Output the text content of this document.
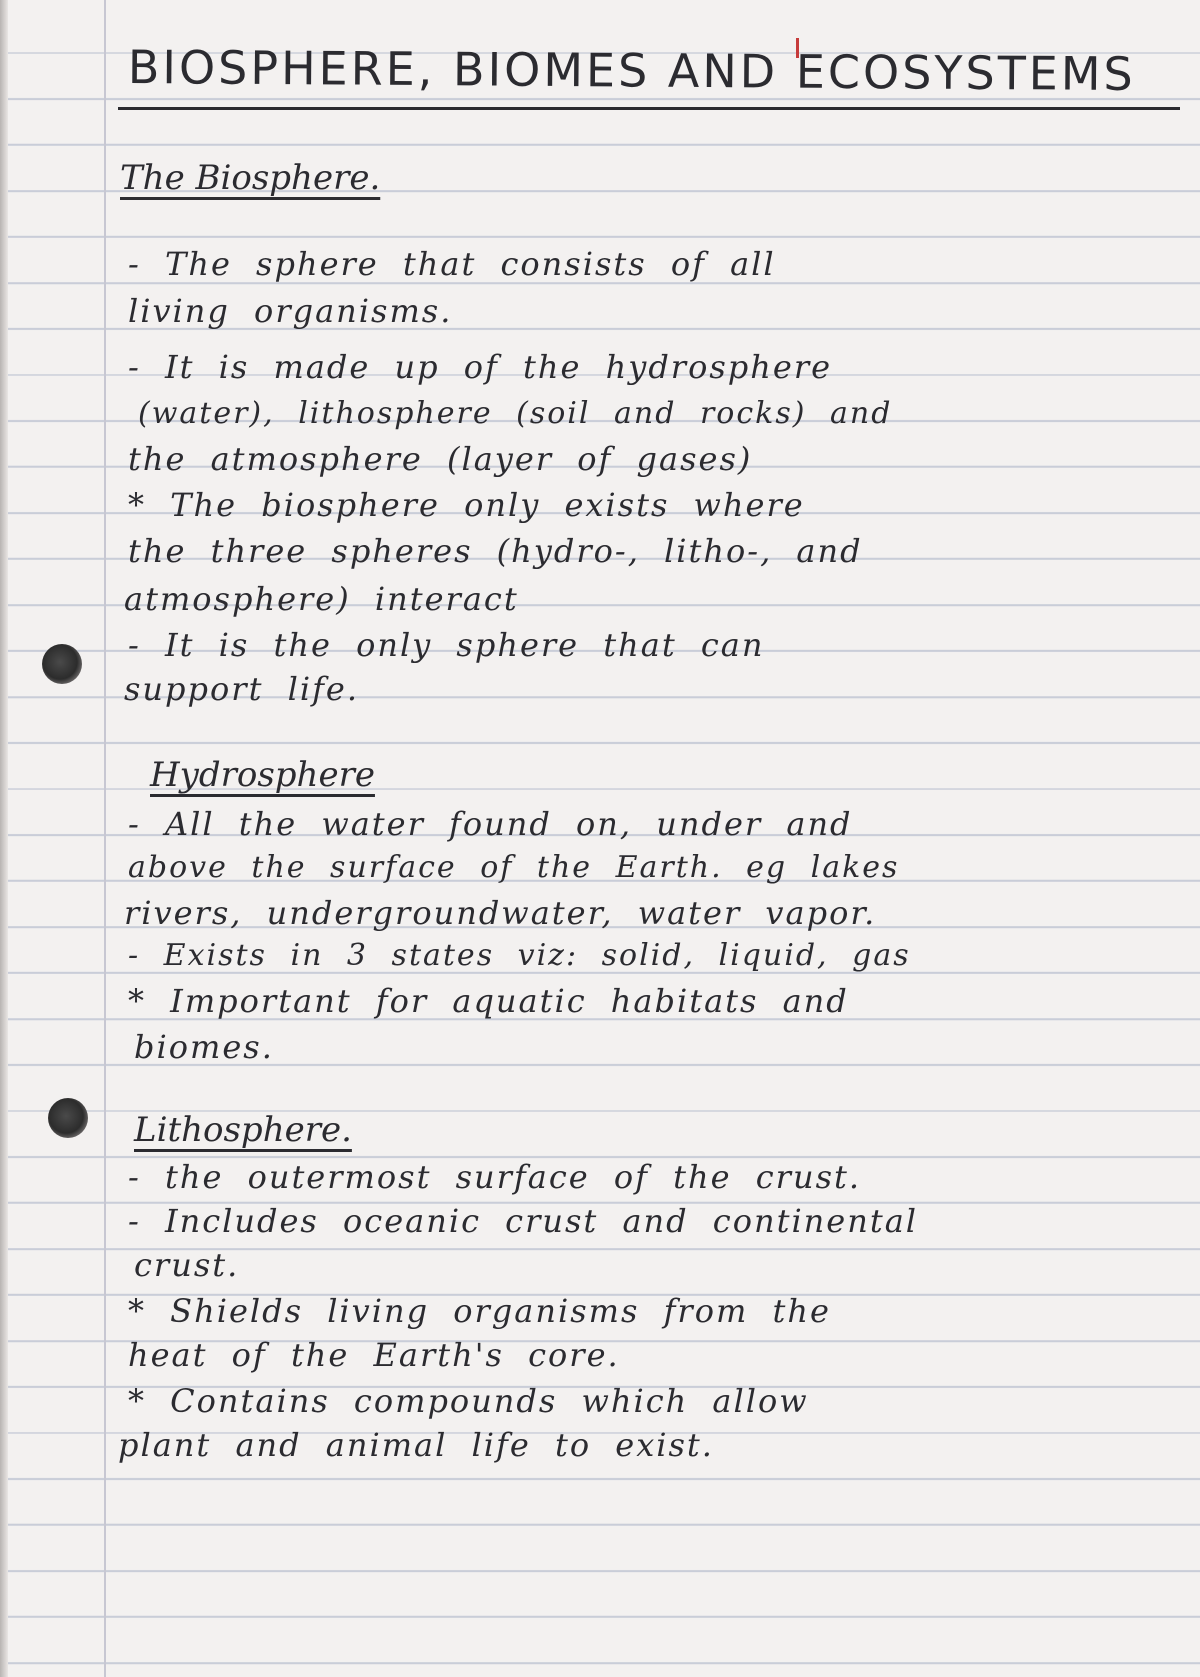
BIOSPHERE, BIOMES AND ECOSYSTEMS
The Biosphere.
- The sphere that consists of all
living organisms.
- It is made up of the hydrosphere
(water), lithosphere (soil and rocks) and
the atmosphere (layer of gases)
* The biosphere only exists where
the three spheres (hydro-, litho-, and
atmosphere) interact
- It is the only sphere that can
support life.
Hydrosphere
- All the water found on, under and
above the surface of the Earth. eg lakes
rivers, undergroundwater, water vapor.
- Exists in 3 states viz: solid, liquid, gas
* Important for aquatic habitats and
biomes.
Lithosphere.
- the outermost surface of the crust.
- Includes oceanic crust and continental
crust.
* Shields living organisms from the
heat of the Earth's core.
* Contains compounds which allow
plant and animal life to exist.
